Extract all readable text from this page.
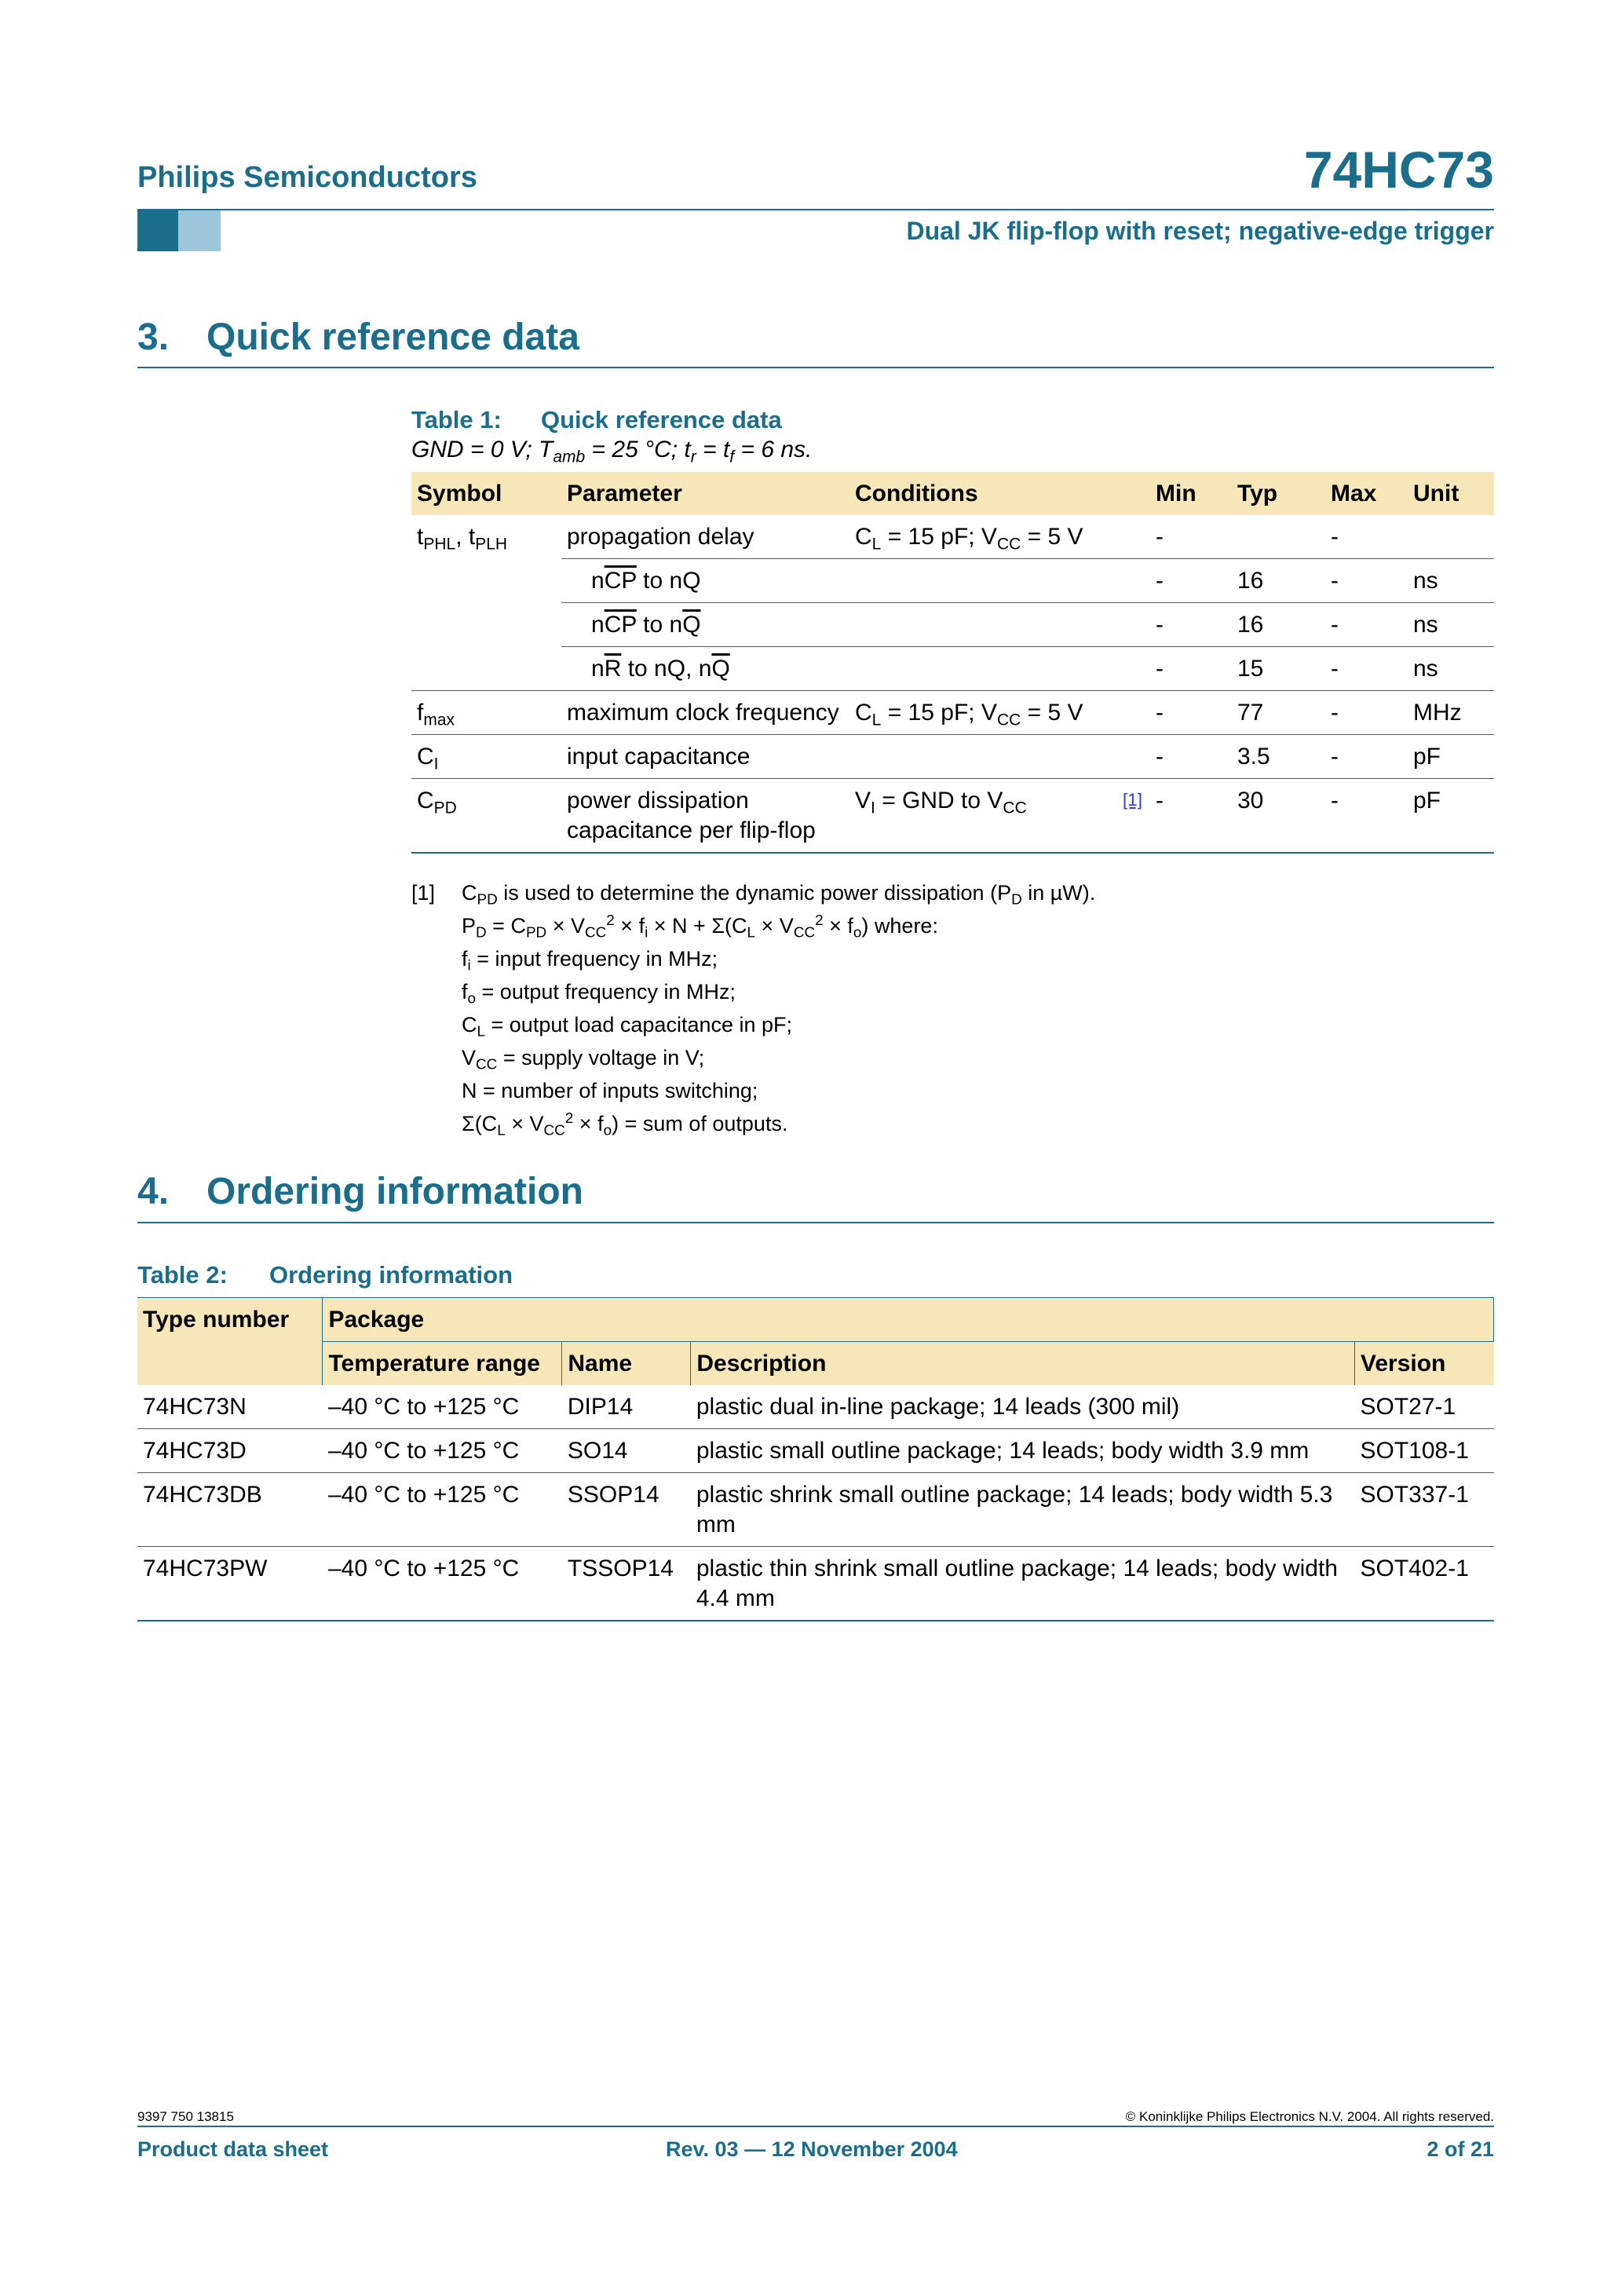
Philips Semiconductors	74HC73
Dual JK flip-flop with reset; negative-edge trigger
3. Quick reference data
Table 1: Quick reference data
GND = 0 V; $T_{amb} = 25$ °C; $t_r = t_f = 6$ ns.
Symbol	Parameter	Conditions	Min	Typ	Max	Unit
$t_{PHL}$, $t_{PLH}$	propagation delay	$C_L = 15$ pF; $V_{CC} = 5$ V	-		-	
	$n\overline{CP}$ to nQ		-	16	-	ns
	$n\overline{CP}$ to $n\overline{Q}$		-	16	-	ns
	$n\overline{R}$ to nQ, $n\overline{Q}$		-	15	-	ns
$f_{max}$	maximum clock frequency	$C_L = 15$ pF; $V_{CC} = 5$ V	-	77	-	MHz
$C_I$	input capacitance		-	3.5	-	pF
$C_{PD}$	power dissipation capacitance per flip-flop	$V_I$ = GND to $V_{CC}$ [1]	-	30	-	pF
[1] $C_{PD}$ is used to determine the dynamic power dissipation ($P_D$ in µW).
$P_D = C_{PD} \times V_{CC}^2 \times f_i \times N + \Sigma(C_L \times V_{CC}^2 \times f_o)$ where:
$f_i$ = input frequency in MHz;
$f_o$ = output frequency in MHz;
$C_L$ = output load capacitance in pF;
$V_{CC}$ = supply voltage in V;
N = number of inputs switching;
$\Sigma(C_L \times V_{CC}^2 \times f_o)$ = sum of outputs.
4. Ordering information
Table 2: Ordering information
Type number	Package			
	Temperature range	Name	Description	Version
74HC73N	–40 °C to +125 °C	DIP14	plastic dual in-line package; 14 leads (300 mil)	SOT27-1
74HC73D	–40 °C to +125 °C	SO14	plastic small outline package; 14 leads; body width 3.9 mm	SOT108-1
74HC73DB	–40 °C to +125 °C	SSOP14	plastic shrink small outline package; 14 leads; body width 5.3 mm	SOT337-1
74HC73PW	–40 °C to +125 °C	TSSOP14	plastic thin shrink small outline package; 14 leads; body width 4.4 mm	SOT402-1
9397 750 13815	© Koninklijke Philips Electronics N.V. 2004. All rights reserved.
Product data sheet	Rev. 03 — 12 November 2004	2 of 21
